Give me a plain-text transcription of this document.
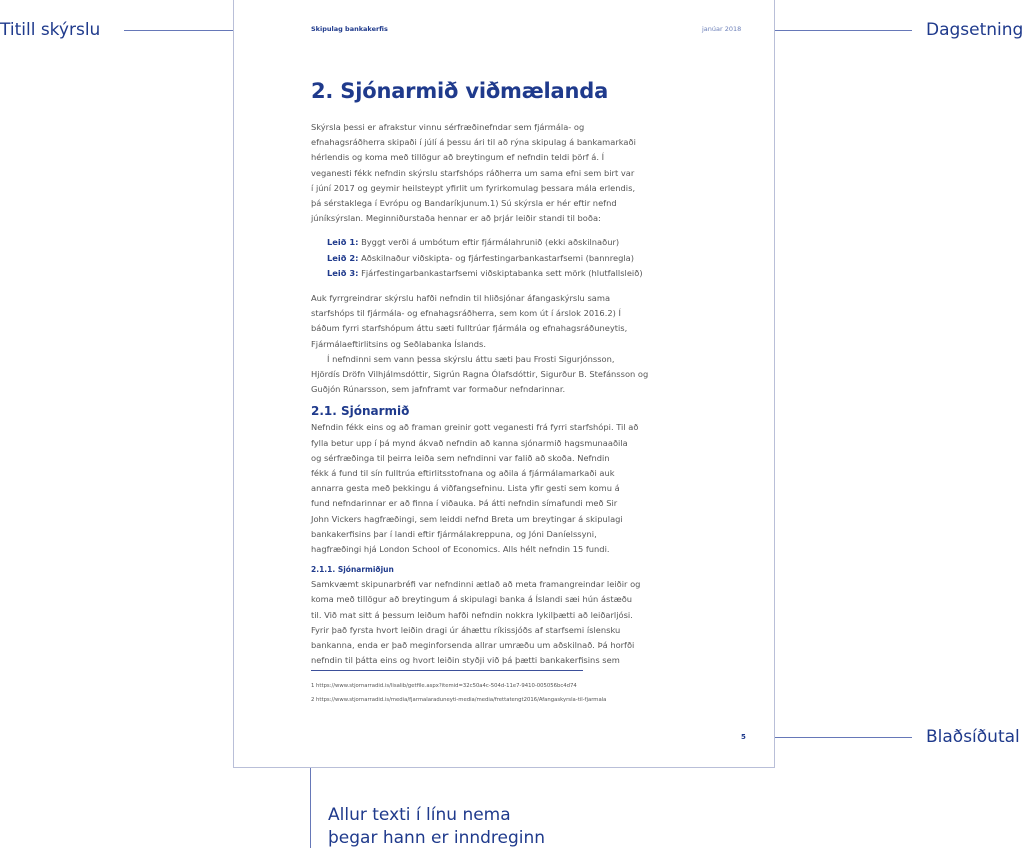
Titill skýrslu	Dagsetning
Blaðsíðutal
Allur texti í línu nema
þegar hann er inndreginn
Skipulag bankakerfis	janúar 2018
2. Sjónarmið viðmælanda
Skýrsla þessi er afrakstur vinnu sérfræðinefndar sem fjármála- og
efnahagsráðherra skipaði í júlí á þessu ári til að rýna skipulag á bankamarkaði
hérlendis og koma með tillögur að breytingum ef nefndin teldi þörf á. Í
veganesti fékk nefndin skýrslu starfshóps ráðherra um sama efni sem birt var
í júní 2017 og geymir heilsteypt yfirlit um fyrirkomulag þessara mála erlendis,
þá sérstaklega í Evrópu og Bandaríkjunum.1) Sú skýrsla er hér eftir nefnd
júníksýrslan. Meginniðurstaða hennar er að þrjár leiðir standi til boða:
Leið 1: Byggt verði á umbótum eftir fjármálahrunið (ekki aðskilnaður)
Leið 2: Aðskilnaður viðskipta- og fjárfestingarbankastarfsemi (bannregla)
Leið 3: Fjárfestingarbankastarfsemi viðskiptabanka sett mörk (hlutfallsleið)
Auk fyrrgreindrar skýrslu hafði nefndin til hliðsjónar áfangaskýrslu sama
starfshóps til fjármála- og efnahagsráðherra, sem kom út í árslok 2016.2) Í
báðum fyrri starfshópum áttu sæti fulltrúar fjármála og efnahagsráðuneytis,
Fjármálaeftirlitsins og Seðlabanka Íslands.
Í nefndinni sem vann þessa skýrslu áttu sæti þau Frosti Sigurjónsson,
Hjördís Dröfn Vilhjálmsdóttir, Sigrún Ragna Ólafsdóttir, Sigurður B. Stefánsson og
Guðjón Rúnarsson, sem jafnframt var formaður nefndarinnar.
2.1. Sjónarmið
Nefndin fékk eins og að framan greinir gott veganesti frá fyrri starfshópi. Til að
fylla betur upp í þá mynd ákvað nefndin að kanna sjónarmið hagsmunaaðila
og sérfræðinga til þeirra leiða sem nefndinni var falið að skoða. Nefndin
fékk á fund til sín fulltrúa eftirlitsstofnana og aðila á fjármálamarkaði auk
annarra gesta með þekkingu á viðfangsefninu. Lista yfir gesti sem komu á
fund nefndarinnar er að finna í viðauka. Þá átti nefndin símafundi með Sir
John Vickers hagfræðingi, sem leiddi nefnd Breta um breytingar á skipulagi
bankakerfisins þar í landi eftir fjármálakreppuna, og Jóni Daníelssyni,
hagfræðingi hjá London School of Economics. Alls hélt nefndin 15 fundi.
2.1.1. Sjónarmiðjun
Samkvæmt skipunarbréfi var nefndinni ætlað að meta framangreindar leiðir og
koma með tillögur að breytingum á skipulagi banka á Íslandi sæi hún ástæðu
til. Við mat sitt á þessum leiðum hafði nefndin nokkra lykilþætti að leiðarljósi.
Fyrir það fyrsta hvort leiðin dragi úr áhættu ríkissjóðs af starfsemi íslensku
bankanna, enda er það meginforsenda allrar umræðu um aðskilnað. Þá horfði
nefndin til þátta eins og hvort leiðin styðji við þá þætti bankakerfisins sem
1 https://www.stjornarradid.is/lisalib/getfile.aspx?itemid=32c50a4c-504d-11e7-9410-005056bc4d74
2 https://www.stjornarradid.is/media/fjarmalaraduneyti-media/media/frettatengt2016/Afangaskyrsla-til-fjarmala
5
